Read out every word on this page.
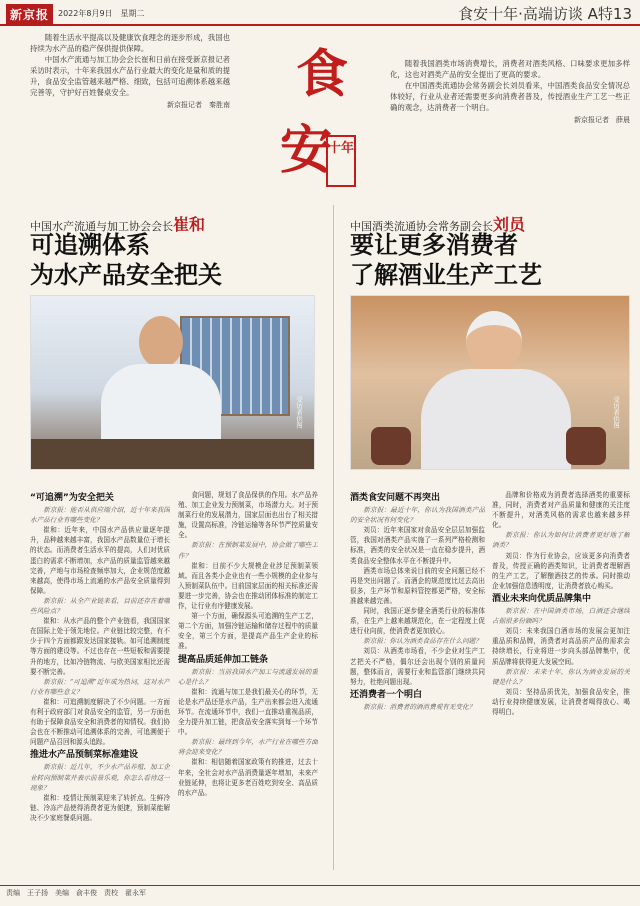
新京报	2022年8月9日　星期二	食安十年·高端访谈 A特13

随着生活水平提高以及健康饮食理念的逐步形成，我国也持续为水产品的稳产保供提供保障。

中国水产流通与加工协会会长崔和日前在接受新京报记者采访时表示，十年来我国水产品行业最大的变化是量和质的提升，食品安全监管越来越严格、细致，包括可追溯体系越来越完善等，守护好百姓餐桌安全。

新京报记者　秦胜南 食
安
十年

随着我国酒类市场消费增长，消费者对酒类风格、口味要求更加多样化，这也对酒类产品的安全提出了更高的要求。

在中国酒类流通协会常务副会长刘员看来，中国酒类食品安全情况总体较好，行业从业者还需要更多向消费者普及，传授酒业生产工艺一些正确的观念，达消费者一个明白。

新京报记者　薛晨
中国水产流通与加工协会会长崔和
可追溯体系
为水产品安全把关
中国酒类流通协会常务副会长刘员
要让更多消费者
了解酒业生产工艺
受访者供图	受访者供图
“可追溯”为安全把关

新京报：能否从供应端介绍，近十年来我国水产品行业有哪些变化？

崔和：近年来，中国水产品供应量逐年提升，品种越来越丰富，我国水产品数量位于增长的状态。而消费者生活水平的提高，人们对优质蛋白的需求不断增加，水产品的质量监管越来越完善，产地与市场检查频率加大，企业规范度越来越高，使得市场上流通的水产品安全质量得到保障。

新京报：从全产业链来看，目前还存在着哪些风险点？

崔和：从水产品的整个产业链看，我国国家在国际上处于领先地位。产业链比较完整，有不少于四个方面都跟发达国家接轨。如可追溯制度等方面的建设等。不过也存在一些短板和需要提升的地方，比如冷链物流、与欧美国家相比还需要不断完善。

新京报：“可追溯”近年成为热词，这对水产行业有哪些意义？

崔和：可追溯制度解决了不少问题。一方面有利于政府部门对食品安全的监管，另一方面也有助于保障食品安全和消费者的知情权。我们协会也在不断推动可追溯体系的完善，可追溯便于问题产品召回和源头追踪。

推进水产品预制菜标准建设

新京报：近几年，不少水产品养殖、加工企业转向预制菜并表示前景乐观，你怎么看待这一现象？

崔和：疫情让预制菜迎来了转折点。生鲜冷链、冷冻产品使得消费者更为便捷，预制菜能解决不少家庭餐桌问题。

食问题，规划了食品保供的作用。水产品养殖、加工企业发力预制菜，市场潜力大。对于预制菜行业的发展潜力，国家层面也出台了相关措施，设置高标准，冷链运输等各环节严控质量安全。

新京报：在预制菜发展中，协会做了哪些工作？

崔和：目前不少大规模企业涉足预制菜领域。而且各类小企业也有一些小规模的企业参与入预制菜队伍中。目前国家层面的相关标准还需要进一步完善，协会也在推动团体标准的制定工作，让行业有序健康发展。

第一个方面，确保源头可追溯的生产工艺，第二个方面，加强冷链运输和储存过程中的质量安全，第三个方面，是提高产品生产企业的标准。

提高品质延伸加工链条

新京报：当前我国水产加工与流通发展的重心是什么？

崔和：流通与加工是我们最关心的环节，无论是水产品还是水产品，生产出来都会进入流通环节。在流通环节中，我们一直推动重视品质，全力提升加工链，把食品安全落实到每一个环节中。

新京报：最终到今年，水产行业在哪些方面将会迎来变化？

崔和：相信随着国家政策有的推进，过去十年来，全社会对水产品消费量逐年增加，未来产业链延伸，也将让更多老百姓吃到安全、高品质的水产品。

酒类食安问题不再突出

新京报：最近十年，你认为我国酒类产品的安全状况有何变化？

刘员：近年来国家对食品安全层层加强监管，我国对酒类产品实施了一系列严格检测和标准，酒类的安全状况是一直在稳步提升，酒类食品安全整体水平在不断提升中。

酒类市场总体来说目前的安全问题已经不再是突出问题了。而酒企的规范度比过去高出很多，生产环节和原料管控都更严格，安全标准越来越完善。

同时，我国正逐步健全酒类行业的标准体系，在生产上越来越规范化，在一定程度上促进行业向前，使消费者更加放心。

新京报：你认为酒类食品存在什么问题？

刘员：从酒类市场看，不少企业对生产工艺把关不严格，偶尔还会出现个别的质量问题，整体而言，需要行业和监管部门继续共同努力，杜绝问题出现。

还消费者一个明白

新京报：消费者的酒消费观有无变化？

品牌和价格成为消费者选择酒类的重要标准，同时，消费者对产品质量和健康的关注度不断提升，对酒类风格的需求也越来越多样化。

新京报：你认为如何让消费者更好地了解酒类？

刘员：作为行业协会，应该更多向消费者普及，传授正确的酒类知识，让消费者理解酒的生产工艺，了解酿酒技艺的传承。同时推动企业加强信息透明度，让消费者放心购买。

酒业未来向优质品牌集中

新京报：在中国酒类市场，白酒还会继续占据很多份额吗？

刘员：未来我国白酒市场的发展会更加注重品质和品牌，消费者对高品质产品的需求会持续增长，行业将进一步向头部品牌集中，优质品牌将获得更大发展空间。

新京报：未来十年，你认为酒业发展的关键是什么？

刘员：坚持品质优先，加强食品安全，推动行业持续健康发展，让消费者喝得放心、喝得明白。

责编　王子扬　美编　俞丰俊　责校　翟永军
